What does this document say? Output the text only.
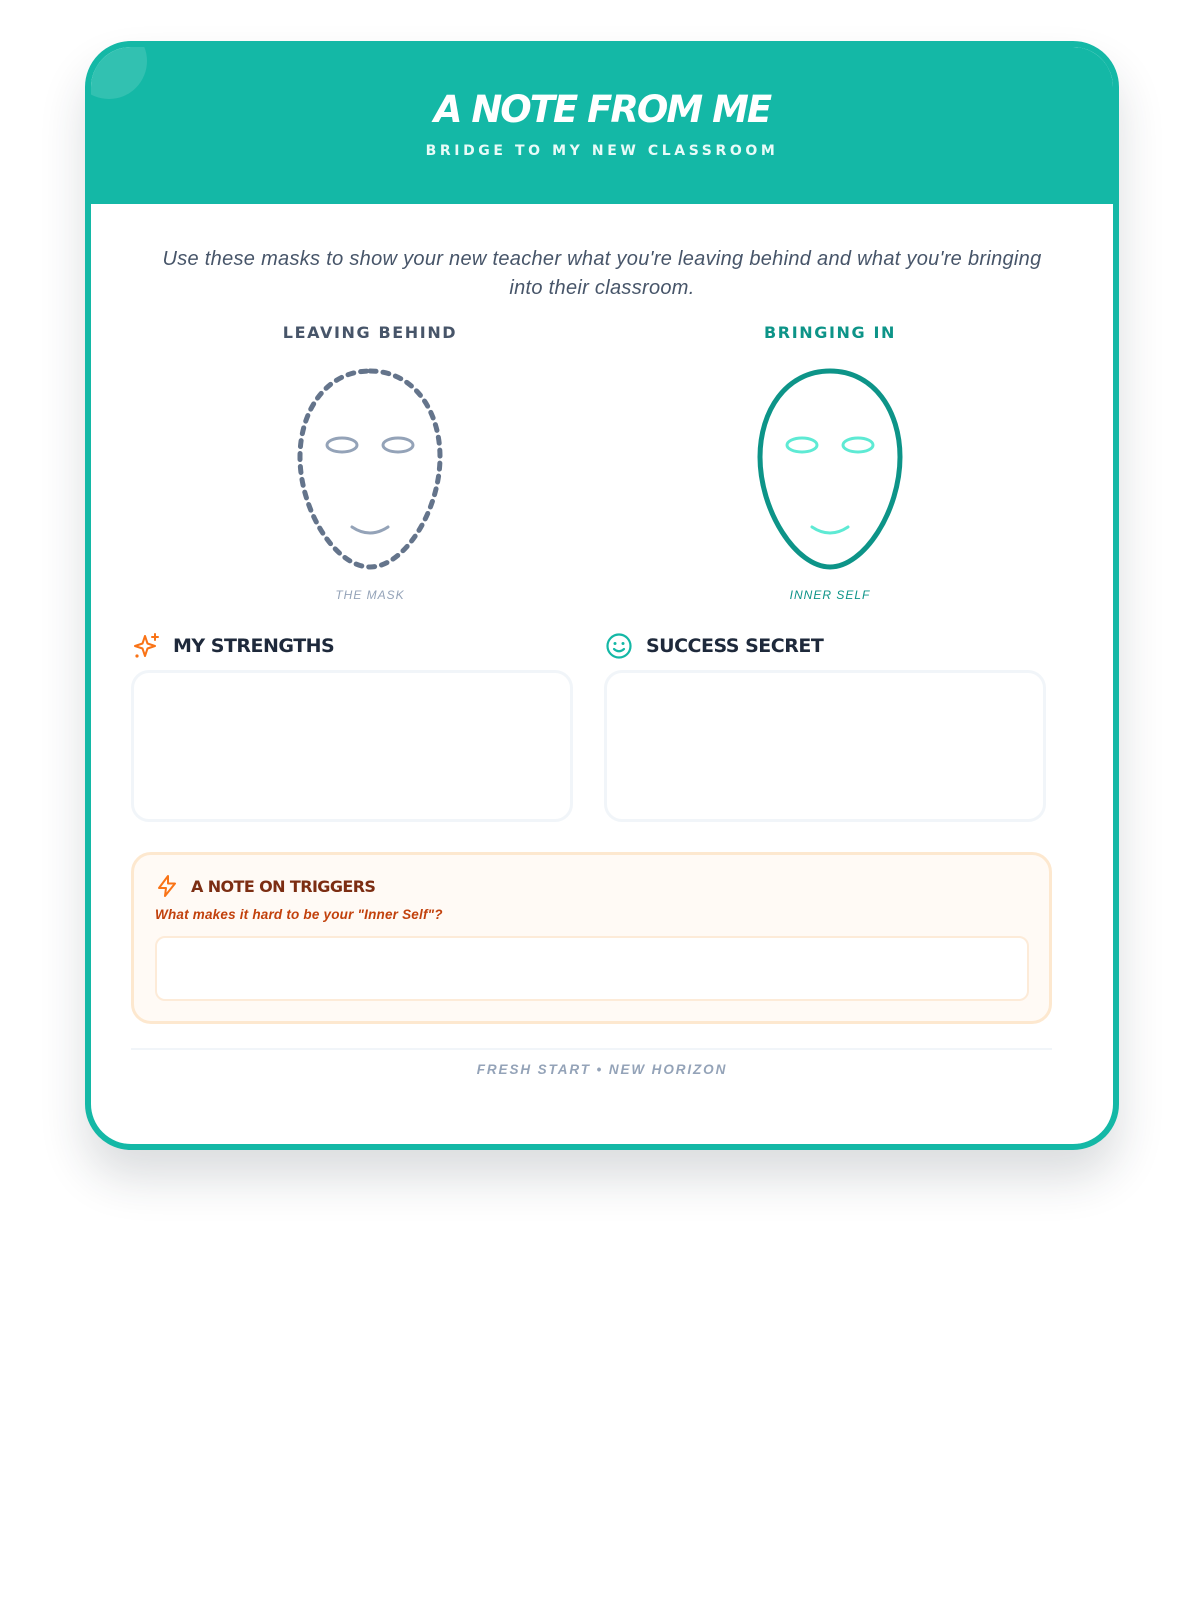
A NOTE FROM ME
BRIDGE TO MY NEW CLASSROOM
Use these masks to show your new teacher what you're leaving behind and what you're bringing into their classroom.
LEAVING BEHIND
THE MASK
BRINGING IN
INNER SELF
MY STRENGTHS	SUCCESS SECRET
A NOTE ON TRIGGERS
What makes it hard to be your "Inner Self"?
FRESH START • NEW HORIZON
